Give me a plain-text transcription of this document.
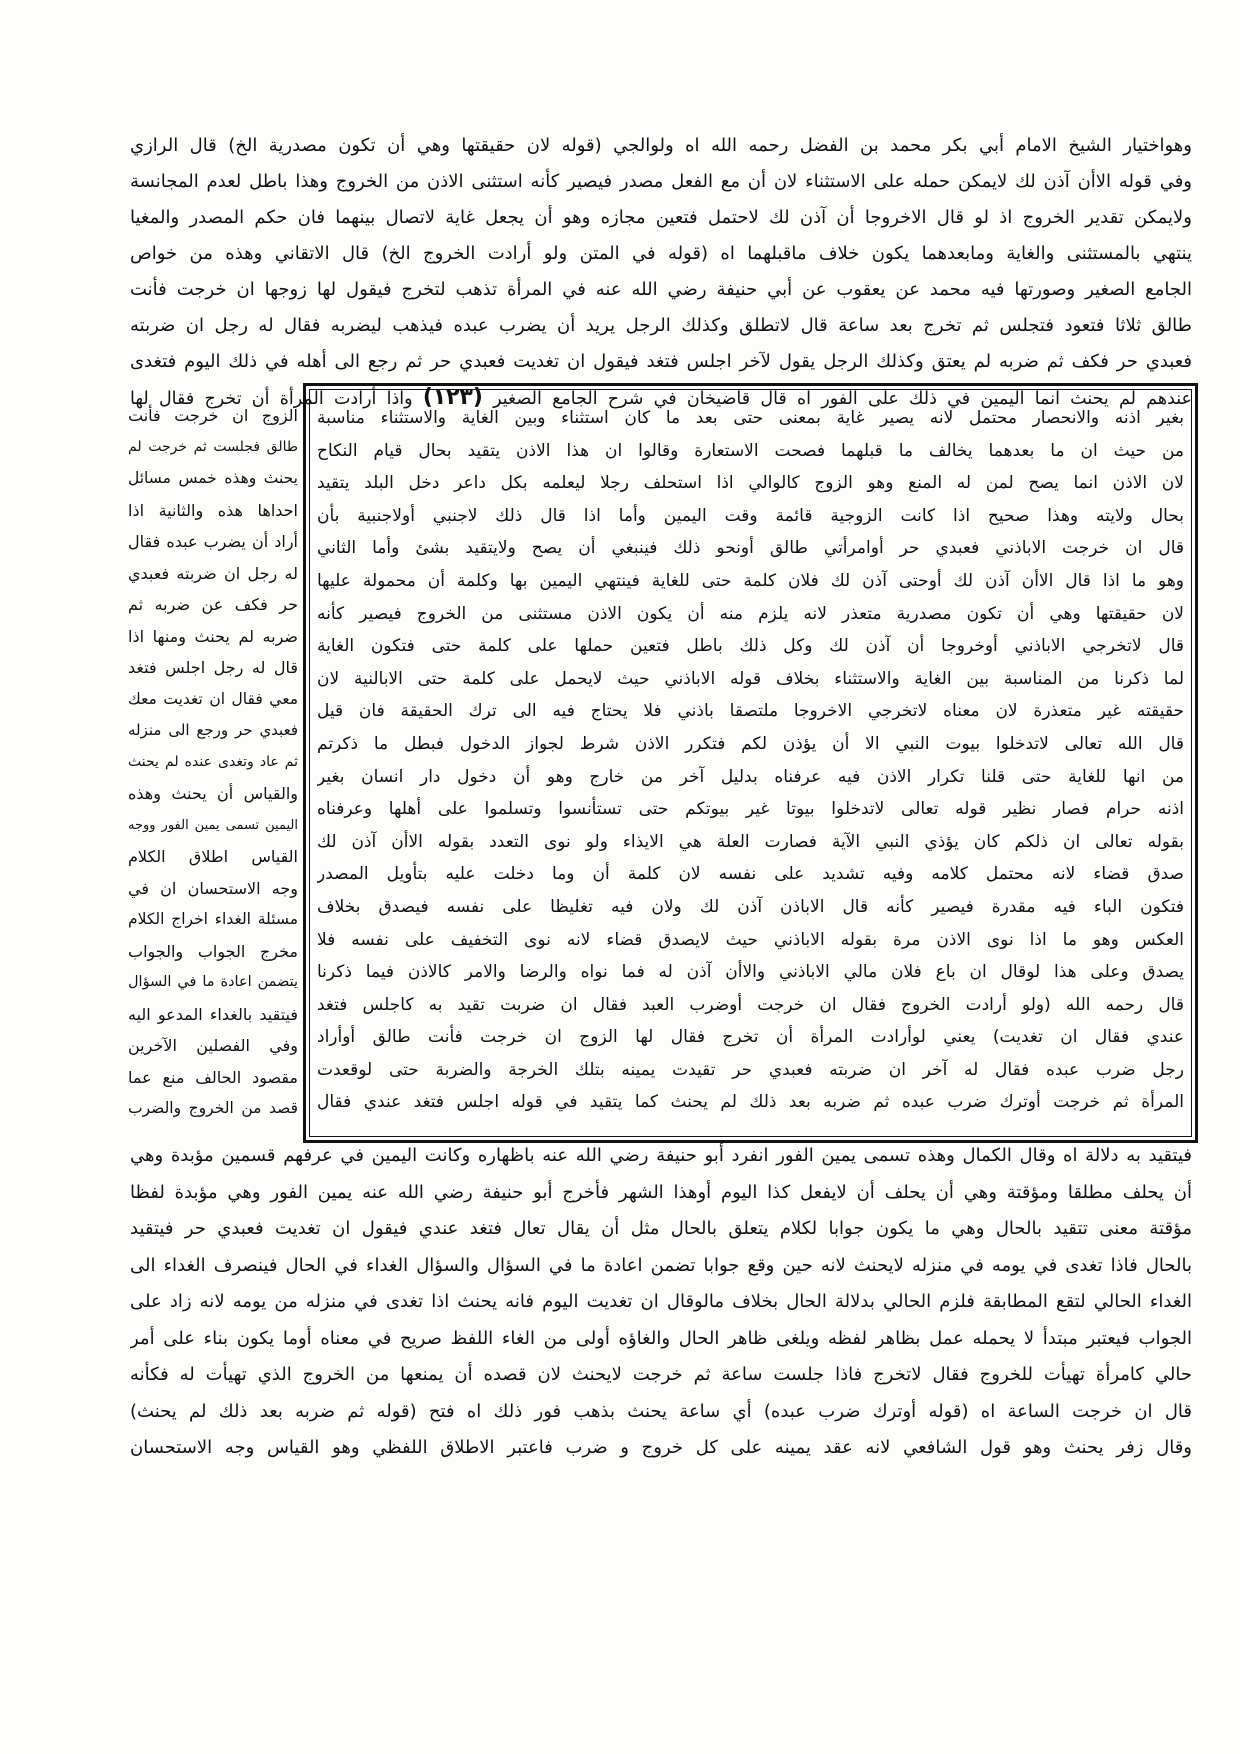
وهواختيار الشيخ الامام أبي بكر محمد بن الفضل رحمه الله اه ولوالجي (قوله لان حقيقتها وهي أن تكون مصدرية الخ) قال الرازي
وفي قوله الاأن آذن لك لايمكن حمله على الاستثناء لان أن مع الفعل مصدر فيصير كأنه استثنى الاذن من الخروج وهذا باطل لعدم المجانسة
ولايمكن تقدير الخروج اذ لو قال الاخروجا أن آذن لك لاحتمل فتعين مجازه وهو أن يجعل غاية لاتصال بينهما فان حكم المصدر والمغيا
ينتهي بالمستثنى والغاية ومابعدهما يكون خلاف ماقبلهما اه (قوله في المتن ولو أرادت الخروج الخ) قال الاتقاني وهذه من خواص
الجامع الصغير وصورتها فيه محمد عن يعقوب عن أبي حنيفة رضي الله عنه في المرأة تذهب لتخرج فيقول لها زوجها ان خرجت فأنت
طالق ثلاثا فتعود فتجلس ثم تخرج بعد ساعة قال لاتطلق وكذلك الرجل يريد أن يضرب عبده فيذهب ليضربه فقال له رجل ان ضربته
فعبدي حر فكف ثم ضربه لم يعتق وكذلك الرجل يقول لآخر اجلس فتغد فيقول ان تغديت فعبدي حر ثم رجع الى أهله في ذلك اليوم فتغدى
عندهم لم يحنث انما اليمين في ذلك على الفور اه قال قاضيخان في شرح الجامع الصغير (١٢٣) واذا أرادت المرأة أن تخرج فقال لها
بغير اذنه والانحصار محتمل لانه يصير غاية بمعنى حتى بعد ما كان استثناء وبين الغاية والاستثناء مناسبة
من حيث ان ما بعدهما يخالف ما قبلهما فصحت الاستعارة وقالوا ان هذا الاذن يتقيد بحال قيام النكاح
لان الاذن انما يصح لمن له المنع وهو الزوج كالوالي اذا استحلف رجلا ليعلمه بكل داعر دخل البلد يتقيد
بحال ولايته وهذا صحيح اذا كانت الزوجية قائمة وقت اليمين وأما اذا قال ذلك لاجنبي أولاجنبية بأن
قال ان خرجت الاباذني فعبدي حر أوامرأتي طالق أونحو ذلك فينبغي أن يصح ولايتقيد بشئ وأما الثاني
وهو ما اذا قال الاأن آذن لك أوحتى آذن لك فلان كلمة حتى للغاية فينتهي اليمين بها وكلمة أن محمولة عليها
لان حقيقتها وهي أن تكون مصدرية متعذر لانه يلزم منه أن يكون الاذن مستثنى من الخروج فيصير كأنه
قال لاتخرجي الاباذني أوخروجا أن آذن لك وكل ذلك باطل فتعين حملها على كلمة حتى فتكون الغاية
لما ذكرنا من المناسبة بين الغاية والاستثناء بخلاف قوله الاباذني حيث لايحمل على كلمة حتى الابالنية لان
حقيقته غير متعذرة لان معناه لاتخرجي الاخروجا ملتصقا باذني فلا يحتاج فيه الى ترك الحقيقة فان قيل
قال الله تعالى لاتدخلوا بيوت النبي الا أن يؤذن لكم فتكرر الاذن شرط لجواز الدخول فبطل ما ذكرتم
من انها للغاية حتى قلنا تكرار الاذن فيه عرفناه بدليل آخر من خارج وهو أن دخول دار انسان بغير
اذنه حرام فصار نظير قوله تعالى لاتدخلوا بيوتا غير بيوتكم حتى تستأنسوا وتسلموا على أهلها وعرفناه
بقوله تعالى ان ذلكم كان يؤذي النبي الآية فصارت العلة هي الايذاء ولو نوى التعدد بقوله الاأن آذن لك
صدق قضاء لانه محتمل كلامه وفيه تشديد على نفسه لان كلمة أن وما دخلت عليه بتأويل المصدر
فتكون الباء فيه مقدرة فيصير كأنه قال الاباذن آذن لك ولان فيه تغليظا على نفسه فيصدق بخلاف
العكس وهو ما اذا نوى الاذن مرة بقوله الاباذني حيث لايصدق قضاء لانه نوى التخفيف على نفسه فلا
يصدق وعلى هذا لوقال ان باع فلان مالي الاباذني والاأن آذن له فما نواه والرضا والامر كالاذن فيما ذكرنا
قال رحمه الله (ولو أرادت الخروج فقال ان خرجت أوضرب العبد فقال ان ضربت تقيد به كاجلس فتغد
عندي فقال ان تغديت) يعني لوأرادت المرأة أن تخرج فقال لها الزوج ان خرجت فأنت طالق أوأراد
رجل ضرب عبده فقال له آخر ان ضربته فعبدي حر تقيدت يمينه بتلك الخرجة والضربة حتى لوقعدت
المرأة ثم خرجت أوترك ضرب عبده ثم ضربه بعد ذلك لم يحنث كما يتقيد في قوله اجلس فتغد عندي فقال
الزوج ان خرجت فأنت
طالق فجلست ثم خرجت لم
يحنث وهذه خمس مسائل
احداها هذه والثانية اذا
أراد أن يضرب عبده فقال
له رجل ان ضربته فعبدي
حر فكف عن ضربه ثم
ضربه لم يحنث ومنها اذا
قال له رجل اجلس فتغد
معي فقال ان تغديت معك
فعبدي حر ورجع الى منزله
ثم عاد وتغدى عنده لم يحنث
والقياس أن يحنث وهذه
اليمين تسمى يمين الفور ووجه
القياس اطلاق الكلام
وجه الاستحسان ان في
مسئلة الغداء اخراج الكلام
مخرج الجواب والجواب
يتضمن اعادة ما في السؤال
فيتقيد بالغداء المدعو اليه
وفي الفصلين الآخرين
مقصود الحالف منع عما
قصد من الخروج والضرب
فيتقيد به دلالة اه وقال الكمال وهذه تسمى يمين الفور انفرد أبو حنيفة رضي الله عنه باظهاره وكانت اليمين في عرفهم قسمين مؤبدة وهي
أن يحلف مطلقا ومؤقتة وهي أن يحلف أن لايفعل كذا اليوم أوهذا الشهر فأخرج أبو حنيفة رضي الله عنه يمين الفور وهي مؤبدة لفظا
مؤقتة معنى تتقيد بالحال وهي ما يكون جوابا لكلام يتعلق بالحال مثل أن يقال تعال فتغد عندي فيقول ان تغديت فعبدي حر فيتقيد
بالحال فاذا تغدى في يومه في منزله لايحنث لانه حين وقع جوابا تضمن اعادة ما في السؤال والسؤال الغداء في الحال فينصرف الغداء الى
الغداء الحالي لتقع المطابقة فلزم الحالي بدلالة الحال بخلاف مالوقال ان تغديت اليوم فانه يحنث اذا تغدى في منزله من يومه لانه زاد على
الجواب فيعتبر مبتدأ لا يحمله عمل بظاهر لفظه ويلغى ظاهر الحال والغاؤه أولى من الغاء اللفظ صريح في معناه أوما يكون بناء على أمر
حالي كامرأة تهيأت للخروج فقال لاتخرج فاذا جلست ساعة ثم خرجت لايحنث لان قصده أن يمنعها من الخروج الذي تهيأت له فكأنه
قال ان خرجت الساعة اه (قوله أوترك ضرب عبده) أي ساعة يحنث بذهب فور ذلك اه فتح (قوله ثم ضربه بعد ذلك لم يحنث)
وقال زفر يحنث وهو قول الشافعي لانه عقد يمينه على كل خروج و ضرب فاعتبر الاطلاق اللفظي وهو القياس وجه الاستحسان
